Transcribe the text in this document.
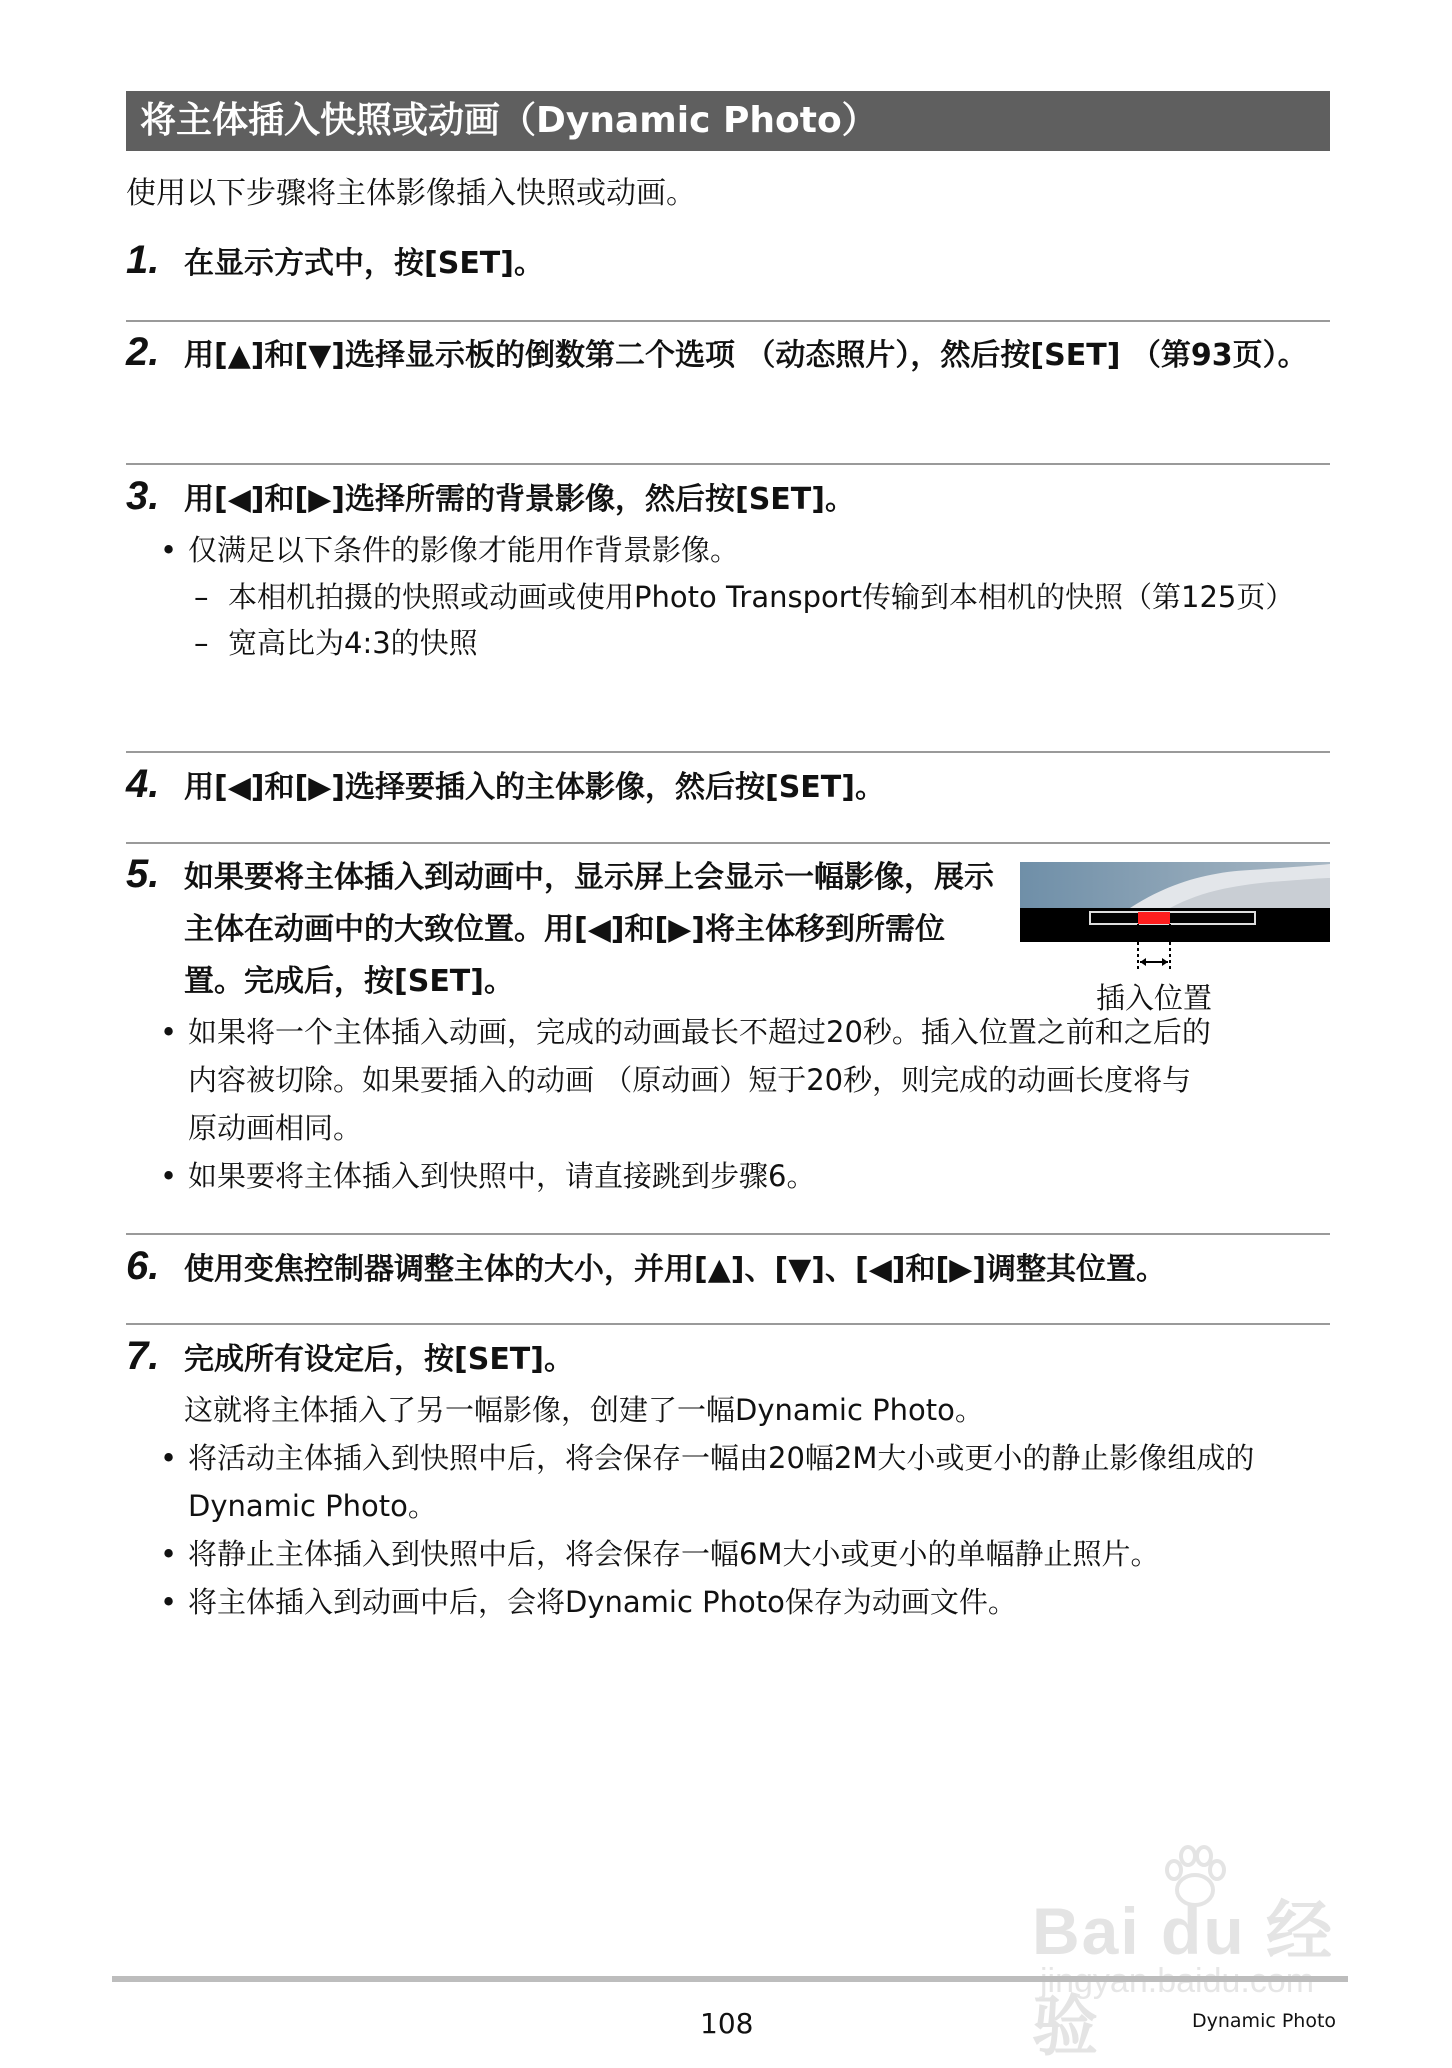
将主体插入快照或动画（Dynamic Photo）
使用以下步骤将主体影像插入快照或动画。
1. 在显示方式中，按[SET]。
2. 用[▲]和[▼]选择显示板的倒数第二个选项 （动态照片），然后按[SET] （第93页）。
3. 用[◀]和[▶]选择所需的背景影像，然后按[SET]。
• 仅满足以下条件的影像才能用作背景影像。
– 本相机拍摄的快照或动画或使用Photo Transport传输到本相机的快照（第125页）
– 宽高比为4:3的快照
4. 用[◀]和[▶]选择要插入的主体影像，然后按[SET]。
5. 如果要将主体插入到动画中，显示屏上会显示一幅影像，展示主体在动画中的大致位置。用[◀]和[▶]将主体移到所需位置。完成后，按[SET]。
• 如果将一个主体插入动画，完成的动画最长不超过20秒。插入位置之前和之后的内容被切除。如果要插入的动画 （原动画）短于20秒，则完成的动画长度将与原动画相同。
• 如果要将主体插入到快照中，请直接跳到步骤6。
插入位置
6. 使用变焦控制器调整主体的大小，并用[▲]、[▼]、[◀]和[▶]调整其位置。
7. 完成所有设定后，按[SET]。
这就将主体插入了另一幅影像，创建了一幅Dynamic Photo。
• 将活动主体插入到快照中后，将会保存一幅由20幅2M大小或更小的静止影像组成的Dynamic Photo。
• 将静止主体插入到快照中后，将会保存一幅6M大小或更小的单幅静止照片。
• 将主体插入到动画中后，会将Dynamic Photo保存为动画文件。
Bai du 经验
108	Dynamic Photo
